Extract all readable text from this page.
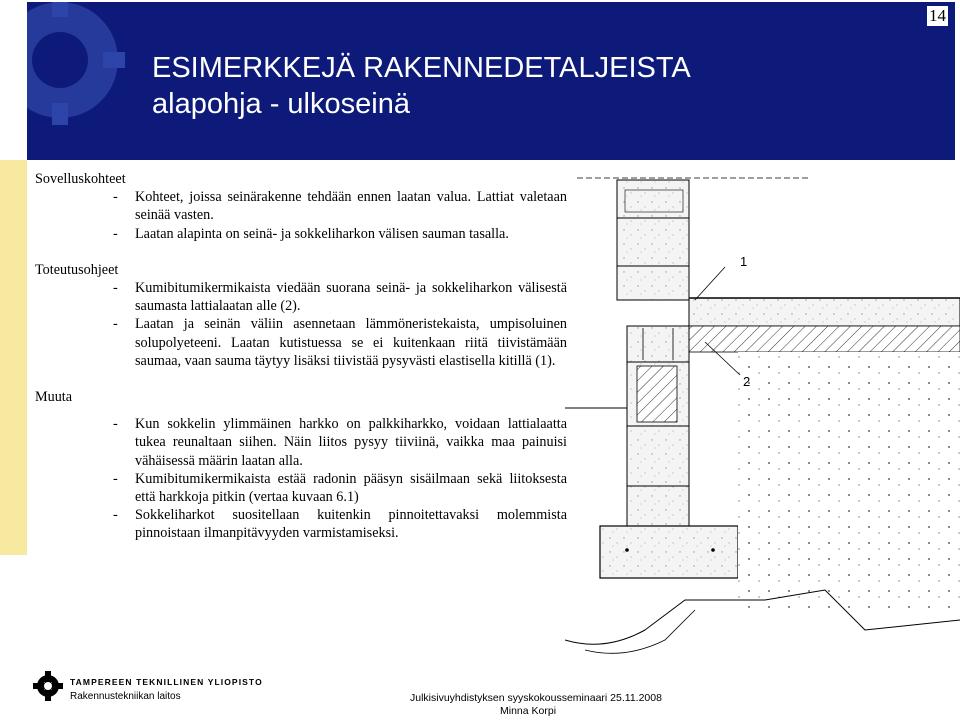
14
ESIMERKKEJÄ RAKENNEDETALJEISTA
alapohja - ulkoseinä
Sovelluskohteet
-	Kohteet, joissa seinärakenne tehdään ennen laatan valua. Lattiat valetaan seinää vasten.
-	Laatan alapinta on seinä- ja sokkeliharkon välisen sauman tasalla.
Toteutusohjeet
-	Kumibitumikermikaista viedään suorana seinä- ja sokkeliharkon välisestä saumasta lattialaatan alle (2).
-	Laatan ja seinän väliin asennetaan lämmöneristekaista, umpisoluinen solupolyeteeni. Laatan kutistuessa se ei kuitenkaan riitä tiivistämään saumaa, vaan sauma täytyy lisäksi tiivistää pysyvästi elastisella kitillä (1).
Muuta
-	Kun sokkelin ylimmäinen harkko on palkkiharkko, voidaan lattialaatta tukea reunaltaan siihen. Näin liitos pysyy tiiviinä, vaikka maa painuisi vähäisessä määrin laatan alla.
-	Kumibitumikermikaista estää radonin pääsyn sisäilmaan sekä liitoksesta että harkkoja pitkin (vertaa kuvaan 6.1)
-	Sokkeliharkot suositellaan kuitenkin pinnoitettavaksi molemmista pinnoistaan ilmanpitävyyden varmistamiseksi.
1
2
TAMPEREEN TEKNILLINEN YLIOPISTO
Rakennustekniikan laitos	Julkisivuyhdistyksen syyskokousseminaari 25.11.2008
Minna Korpi
